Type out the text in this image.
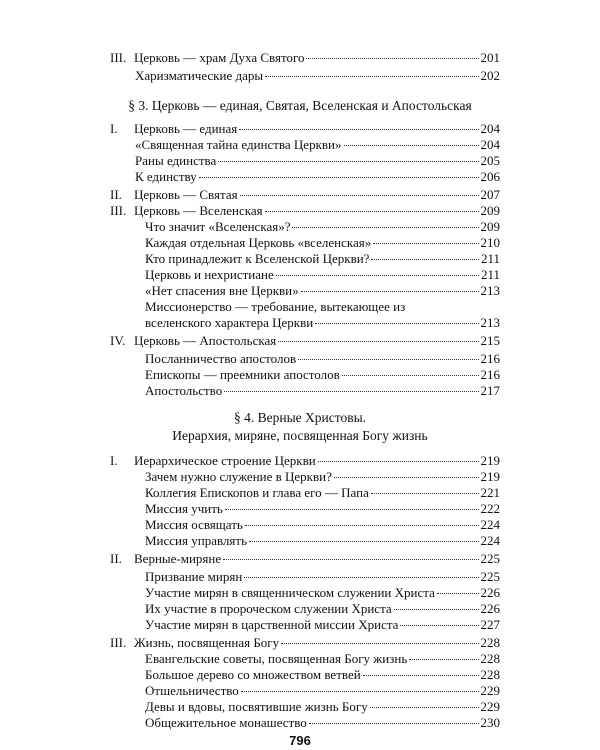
III. Церковь — храм Духа Святого	201
Харизматические дары	202
§ 3. Церковь — единая, Святая, Вселенская и Апостольская
I.	Церковь — единая	204
«Священная тайна единства Церкви»	204
Раны единства	205
К единству	206
II. Церковь — Святая	207
III. Церковь — Вселенская	209
Что значит «Вселенская»?	209
Каждая отдельная Церковь «вселенская»	210
Кто принадлежит к Вселенской Церкви?	211
Церковь и нехристиане	211
«Нет спасения вне Церкви»	213
Миссионерство — требование, вытекающее из
вселенского характера Церкви	213
IV. Церковь — Апостольская	215
Посланничество апостолов	216
Епископы — преемники апостолов	216
Апостольство	217
§ 4. Верные Христовы.
Иерархия, миряне, посвященная Богу жизнь
I.	Иерархическое строение Церкви	219
Зачем нужно служение в Церкви?	219
Коллегия Епископов и глава его — Папа	221
Миссия учить	222
Миссия освящать	224
Миссия управлять	224
II. Верные-миряне	225
Призвание мирян	225
Участие мирян в священническом служении Христа	226
Их участие в пророческом служении Христа	226
Участие мирян в царственной миссии Христа	227
III. Жизнь, посвященная Богу	228
Евангельские советы, посвященная Богу жизнь	228
Большое дерево со множеством ветвей	228
Отшельничество	229
Девы и вдовы, посвятившие жизнь Богу	229
Общежительное монашество	230
796
